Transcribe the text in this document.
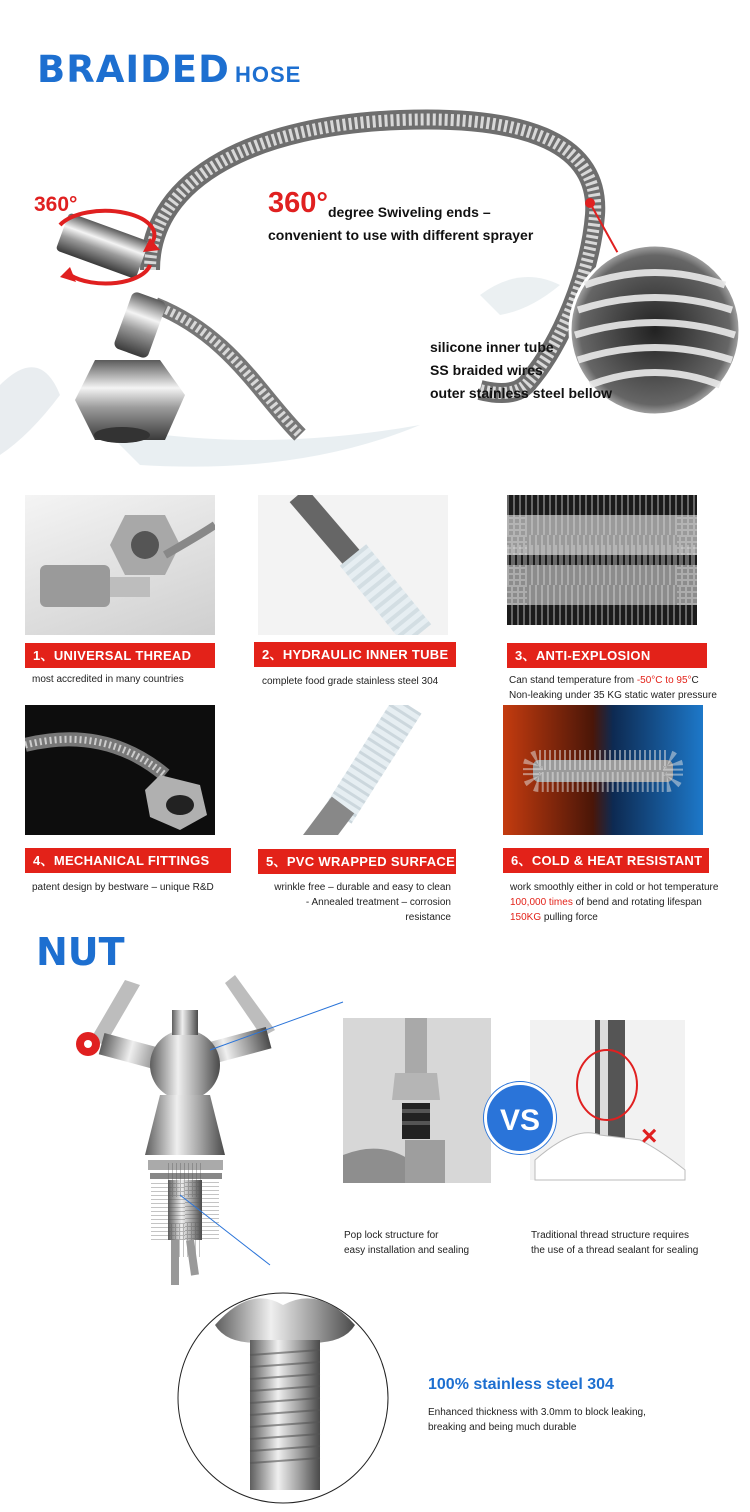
BRAIDED HOSE
360°	360° degree Swiveling ends –
convenient to use with different sprayer
silicone inner tube
SS braided wires
outer stainless steel bellow
1、UNIVERSAL THREAD	2、HYDRAULIC INNER TUBE	3、ANTI-EXPLOSION
most accredited in many countries	complete food grade stainless steel 304	Can stand temperature from -50°C to 95°C
Non-leaking under 35 KG static water pressure
4、MECHANICAL FITTINGS	5、PVC WRAPPED SURFACE	6、COLD & HEAT RESISTANT
patent design by bestware – unique R&D	wrinkle free – durable and easy to clean
- Annealed treatment – corrosion resistance
work smoothly either in cold or hot temperature
100,000 times of bend and rotating lifespan
150KG pulling force
NUT
×
VS
Pop lock structure for
easy installation and sealing
Traditional thread structure requires
the use of a thread sealant for sealing
100% stainless steel 304
Enhanced thickness with 3.0mm to block leaking,
breaking and being much durable
